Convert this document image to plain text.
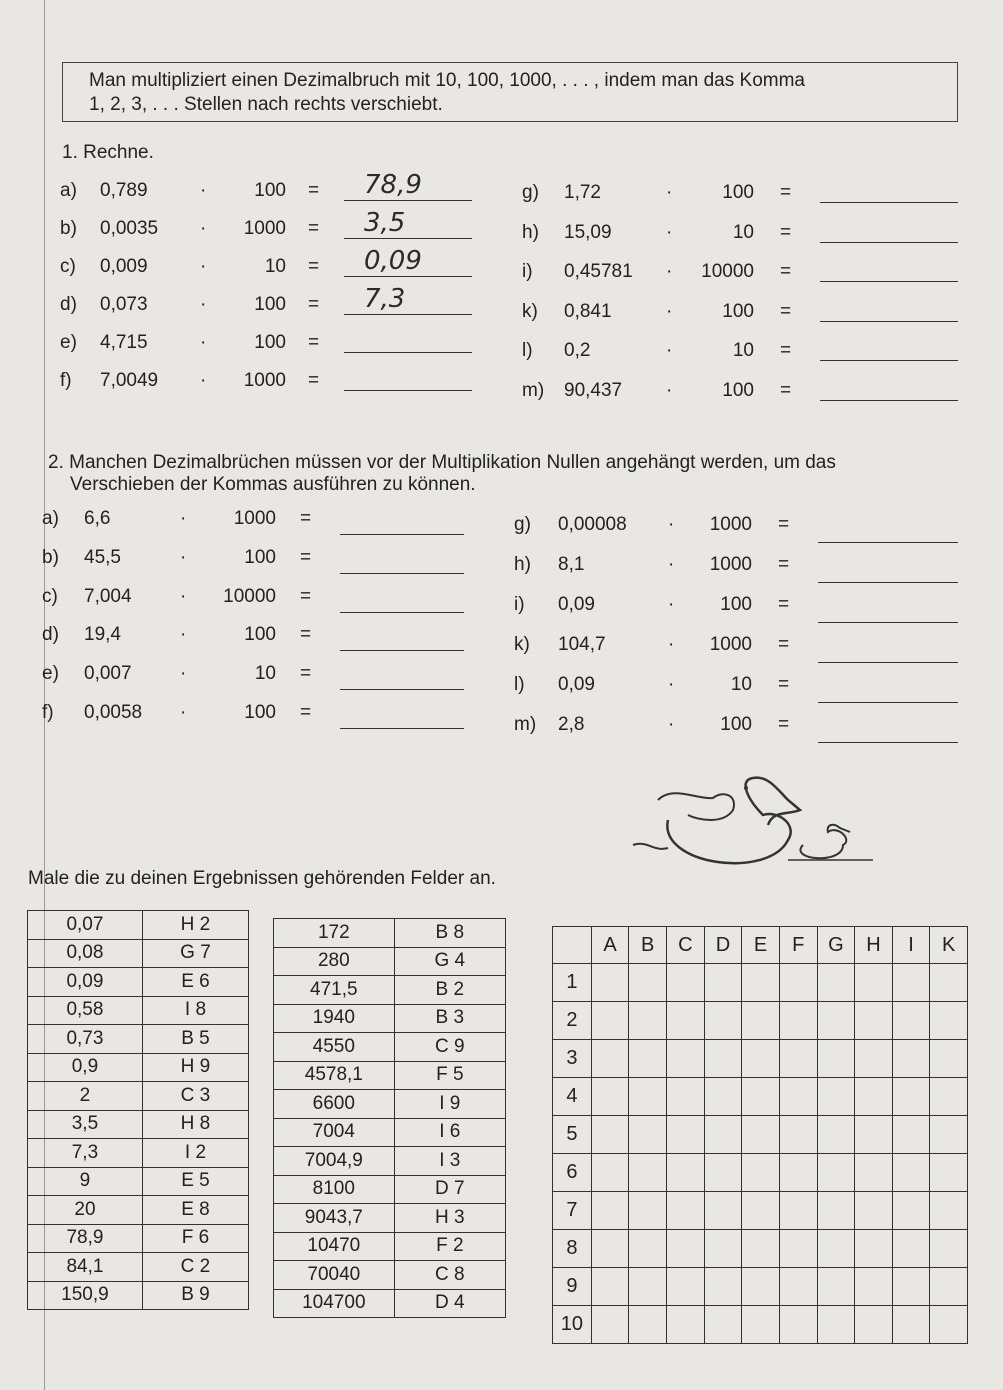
Man multipliziert einen Dezimalbruch mit 10, 100, 1000, . . . , indem man das Komma
1, 2, 3, . . . Stellen nach rechts verschiebt.
1. Rechne.
a) 0,789	·	100 = 78,9
b) 0,0035 ·	1000 = 3,5
c) 0,009	·	10 = 0,09
d) 0,073	·	100 = 7,3
e) 4,715	·	100 =
f) 7,0049 ·	1000 =
g) 1,72	·	100 =
h) 15,09	·	10 =
i) 0,45781 ·	10000 =
k) 0,841	·	100 =
l) 0,2	·	10 =
m) 90,437 ·	100 =
2. Manchen Dezimalbrüchen müssen vor der Multiplikation Nullen angehängt werden, um das
Verschieben der Kommas ausführen zu können.
a) 6,6	·	1000 =
b) 45,5	·	100 =
c) 7,004	·	10000 =
d) 19,4	·	100 =
e) 0,007	·	10 =
f) 0,0058 ·	100 =
g) 0,00008 ·	1000 =
h) 8,1	·	1000 =
i) 0,09	·	100 =
k) 104,7	·	1000 =
l) 0,09	·	10 =
m) 2,8	·	100 =
Male die zu deinen Ergebnissen gehörenden Felder an.
0,07	H 2
0,08	G 7
0,09	E 6
0,58	I 8
0,73	B 5
0,9	H 9
2	C 3
3,5	H 8
7,3	I 2
9	E 5
20	E 8
78,9	F 6
84,1	C 2
150,9	B 9
172	B 8
280	G 4
471,5	B 2
1940	B 3
4550	C 9
4578,1	F 5
6600	I 9
7004	I 6
7004,9	I 3
8100	D 7
9043,7	H 3
10470	F 2
70040	C 8
104700	D 4
	A	B	C	D	E	F	G	H	I	K
1										
2										
3										
4										
5										
6										
7										
8										
9										
10										
